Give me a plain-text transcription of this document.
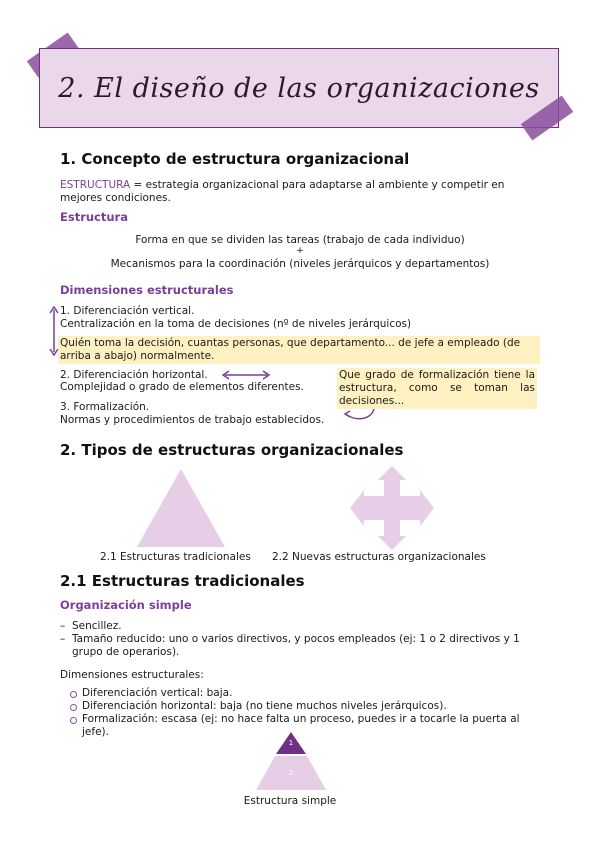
2. El diseño de las organizaciones
1. Concepto de estructura organizacional
ESTRUCTURA = estrategia organizacional para adaptarse al ambiente y competir en mejores condiciones.
Estructura
Forma en que se dividen las tareas (trabajo de cada individuo)
+
Mecanismos para la coordinación (niveles jerárquicos y departamentos)
Dimensiones estructurales
1. Diferenciación vertical.
Centralización en la toma de decisiones (nº de niveles jerárquicos)
Quién toma la decisión, cuantas personas, que departamento... de jefe a empleado (de arriba a abajo) normalmente.
2. Diferenciación horizontal.
Complejidad o grado de elementos diferentes.
3. Formalización.
Normas y procedimientos de trabajo establecidos.
Que grado de formalización tiene la estructura, como se toman las decisiones...
2. Tipos de estructuras organizacionales
2.1 Estructuras tradicionales 2.2 Nuevas estructuras organizacionales
2.1 Estructuras tradicionales
Organización simple
– Sencillez.
– Tamaño reducido: uno o varios directivos, y pocos empleados (ej: 1 o 2 directivos y 1 grupo de operarios).
Dimensiones estructurales:
Diferenciación vertical: baja.
Diferenciación horizontal: baja (no tiene muchos niveles jerárquicos).
Formalización: escasa (ej: no hace falta un proceso, puedes ir a tocarle la puerta al jefe).
1
2
Estructura simple
